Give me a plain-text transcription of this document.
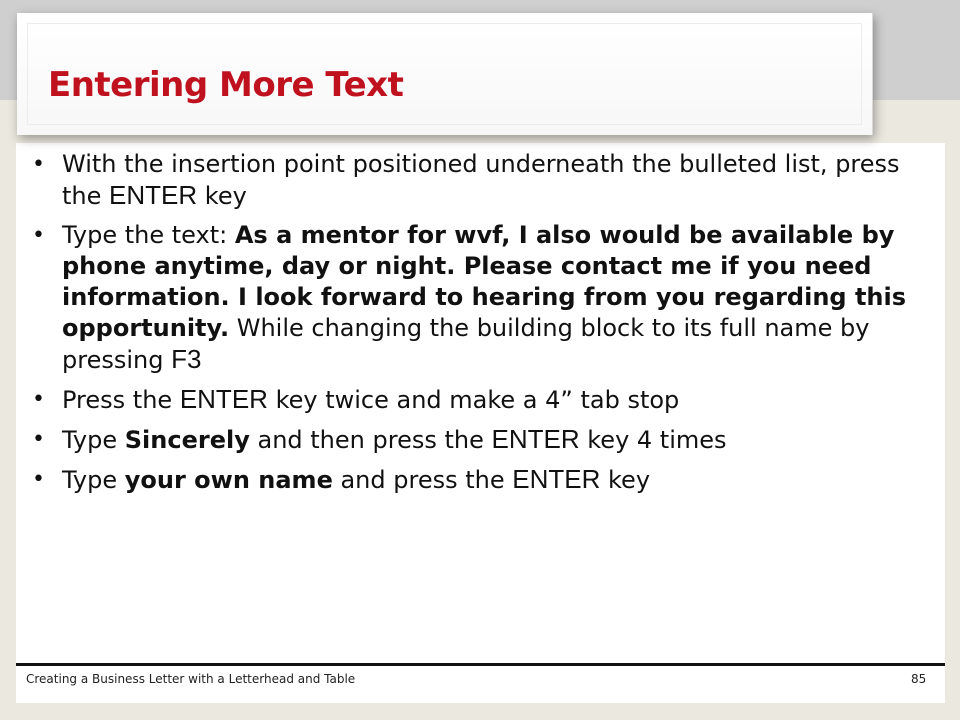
Entering More Text
• With the insertion point positioned underneath the bulleted list, press the ENTER key
• Type the text: As a mentor for wvf, I also would be available by phone anytime, day or night. Please contact me if you need information. I look forward to hearing from you regarding this opportunity. While changing the building block to its full name by pressing F3
• Press the ENTER key twice and make a 4” tab stop
• Type Sincerely and then press the ENTER key 4 times
• Type your own name and press the ENTER key
Creating a Business Letter with a Letterhead and Table	85
